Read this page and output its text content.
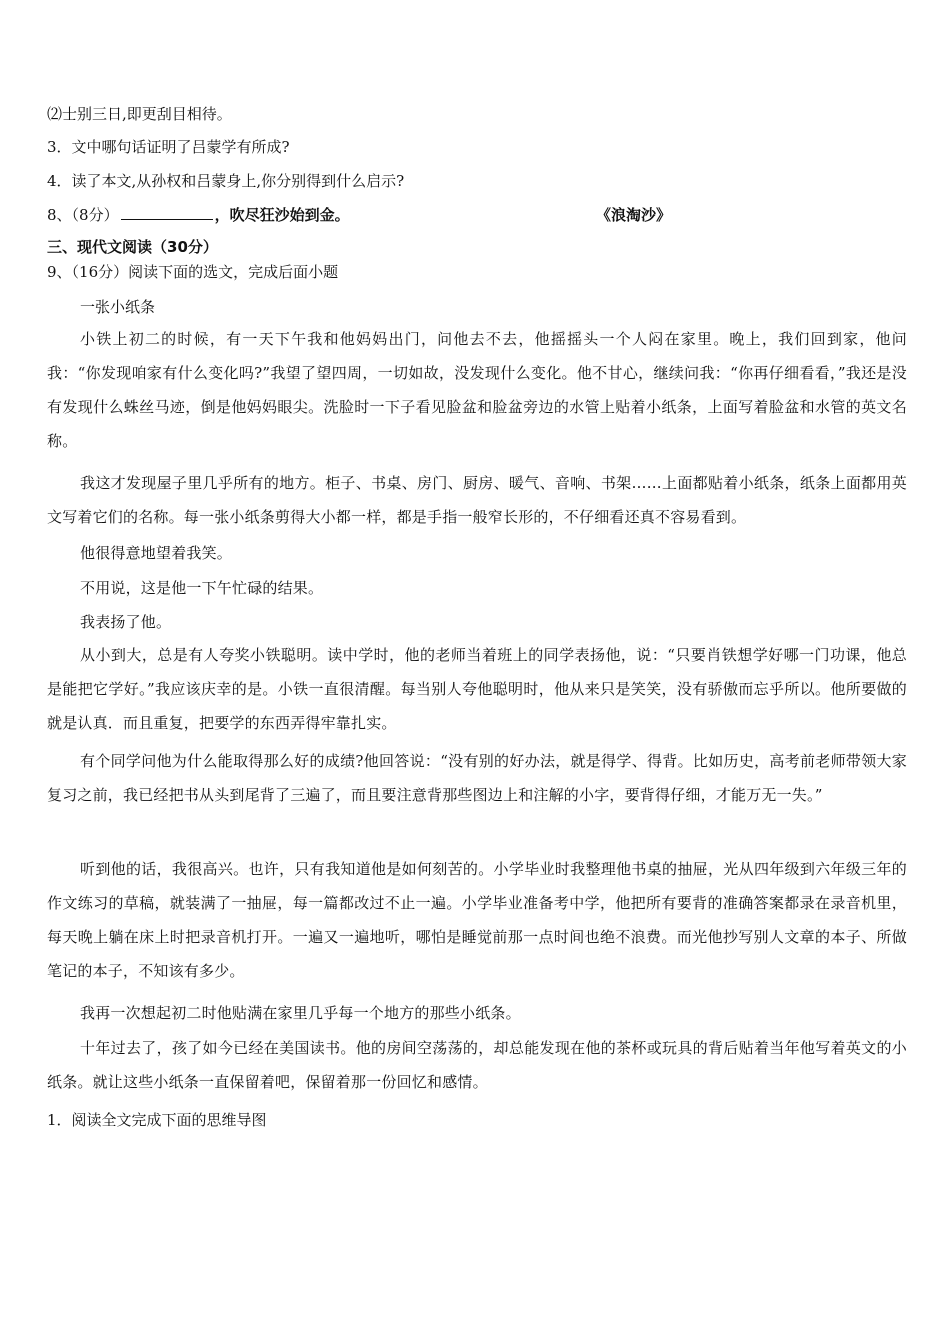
⑵士别三日,即更刮目相待。
3．文中哪句话证明了吕蒙学有所成?
4．读了本文,从孙权和吕蒙身上,你分别得到什么启示?
8、（8分）	，吹尽狂沙始到金。	《浪淘沙》
三、现代文阅读（30分）
9、（16分）阅读下面的选文，完成后面小题
一张小纸条
小铁上初二的时候，有一天下午我和他妈妈出门，问他去不去，他摇摇头一个人闷在家里。晚上，我们回到家，他问我：“你发现咱家有什么变化吗?”我望了望四周，一切如故，没发现什么变化。他不甘心，继续问我：“你再仔细看看，”我还是没有发现什么蛛丝马迹，倒是他妈妈眼尖。洗脸时一下子看见脸盆和脸盆旁边的水管上贴着小纸条，上面写着脸盆和水管的英文名称。
我这才发现屋子里几乎所有的地方。柜子、书桌、房门、厨房、暖气、音响、书架……上面都贴着小纸条，纸条上面都用英文写着它们的名称。每一张小纸条剪得大小都一样，都是手指一般窄长形的，不仔细看还真不容易看到。
他很得意地望着我笑。
不用说，这是他一下午忙碌的结果。
我表扬了他。
从小到大，总是有人夸奖小铁聪明。读中学时，他的老师当着班上的同学表扬他，说：“只要肖铁想学好哪一门功课，他总是能把它学好。”我应该庆幸的是。小铁一直很清醒。每当别人夸他聪明时，他从来只是笑笑，没有骄傲而忘乎所以。他所要做的就是认真．而且重复，把要学的东西弄得牢靠扎实。
有个同学问他为什么能取得那么好的成绩?他回答说：“没有别的好办法，就是得学、得背。比如历史，高考前老师带领大家复习之前，我已经把书从头到尾背了三遍了，而且要注意背那些图边上和注解的小字，要背得仔细，才能万无一失。”
听到他的话，我很高兴。也许，只有我知道他是如何刻苦的。小学毕业时我整理他书桌的抽屉，光从四年级到六年级三年的作文练习的草稿，就装满了一抽屉，每一篇都改过不止一遍。小学毕业准备考中学，他把所有要背的准确答案都录在录音机里，每天晚上躺在床上时把录音机打开。一遍又一遍地听，哪怕是睡觉前那一点时间也绝不浪费。而光他抄写别人文章的本子、所做笔记的本子，不知该有多少。
我再一次想起初二时他贴满在家里几乎每一个地方的那些小纸条。
十年过去了，孩了如今已经在美国读书。他的房间空荡荡的，却总能发现在他的茶杯或玩具的背后贴着当年他写着英文的小纸条。就让这些小纸条一直保留着吧，保留着那一份回忆和感情。
1．阅读全文完成下面的思维导图
